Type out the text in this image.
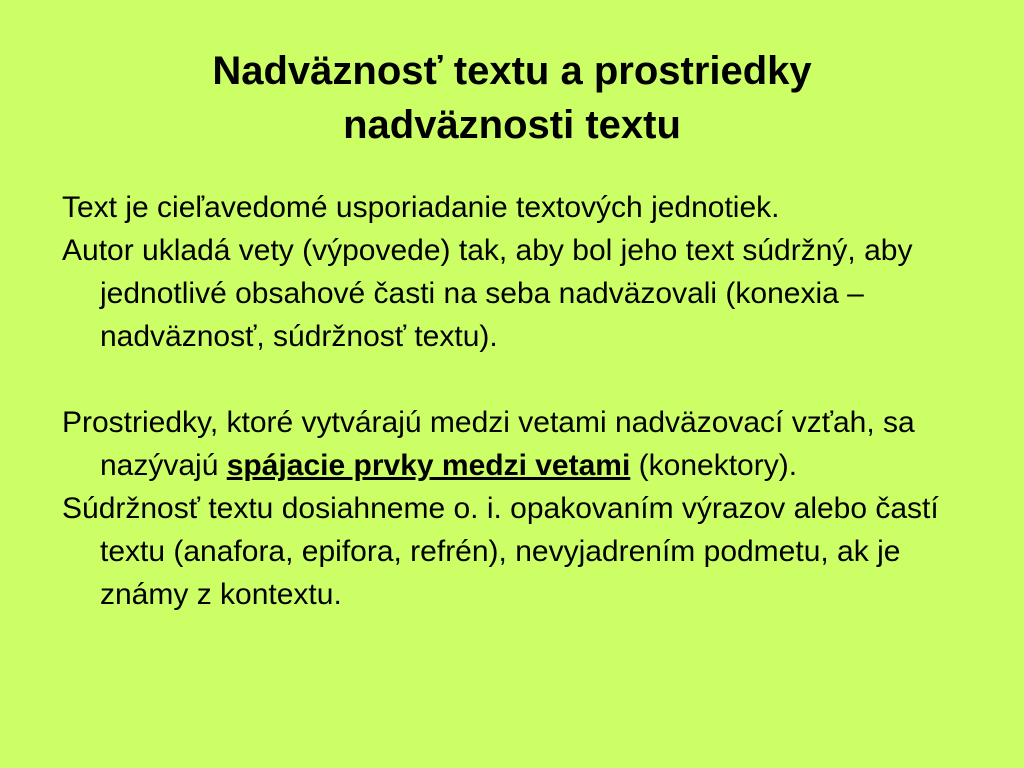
Nadväznosť textu a prostriedky
nadväznosti textu

Text je cieľavedomé usporiadanie textových jednotiek.

Autor ukladá vety (výpovede) tak, aby bol jeho text súdržný, aby jednotlivé obsahové časti na seba nadväzovali (konexia – nadväznosť, súdržnosť textu).

Prostriedky, ktoré vytvárajú medzi vetami nadväzovací vzťah, sa nazývajú spájacie prvky medzi vetami (konektory).

Súdržnosť textu dosiahneme o. i. opakovaním výrazov alebo častí textu (anafora, epifora, refrén), nevyjadrením podmetu, ak je známy z kontextu.
